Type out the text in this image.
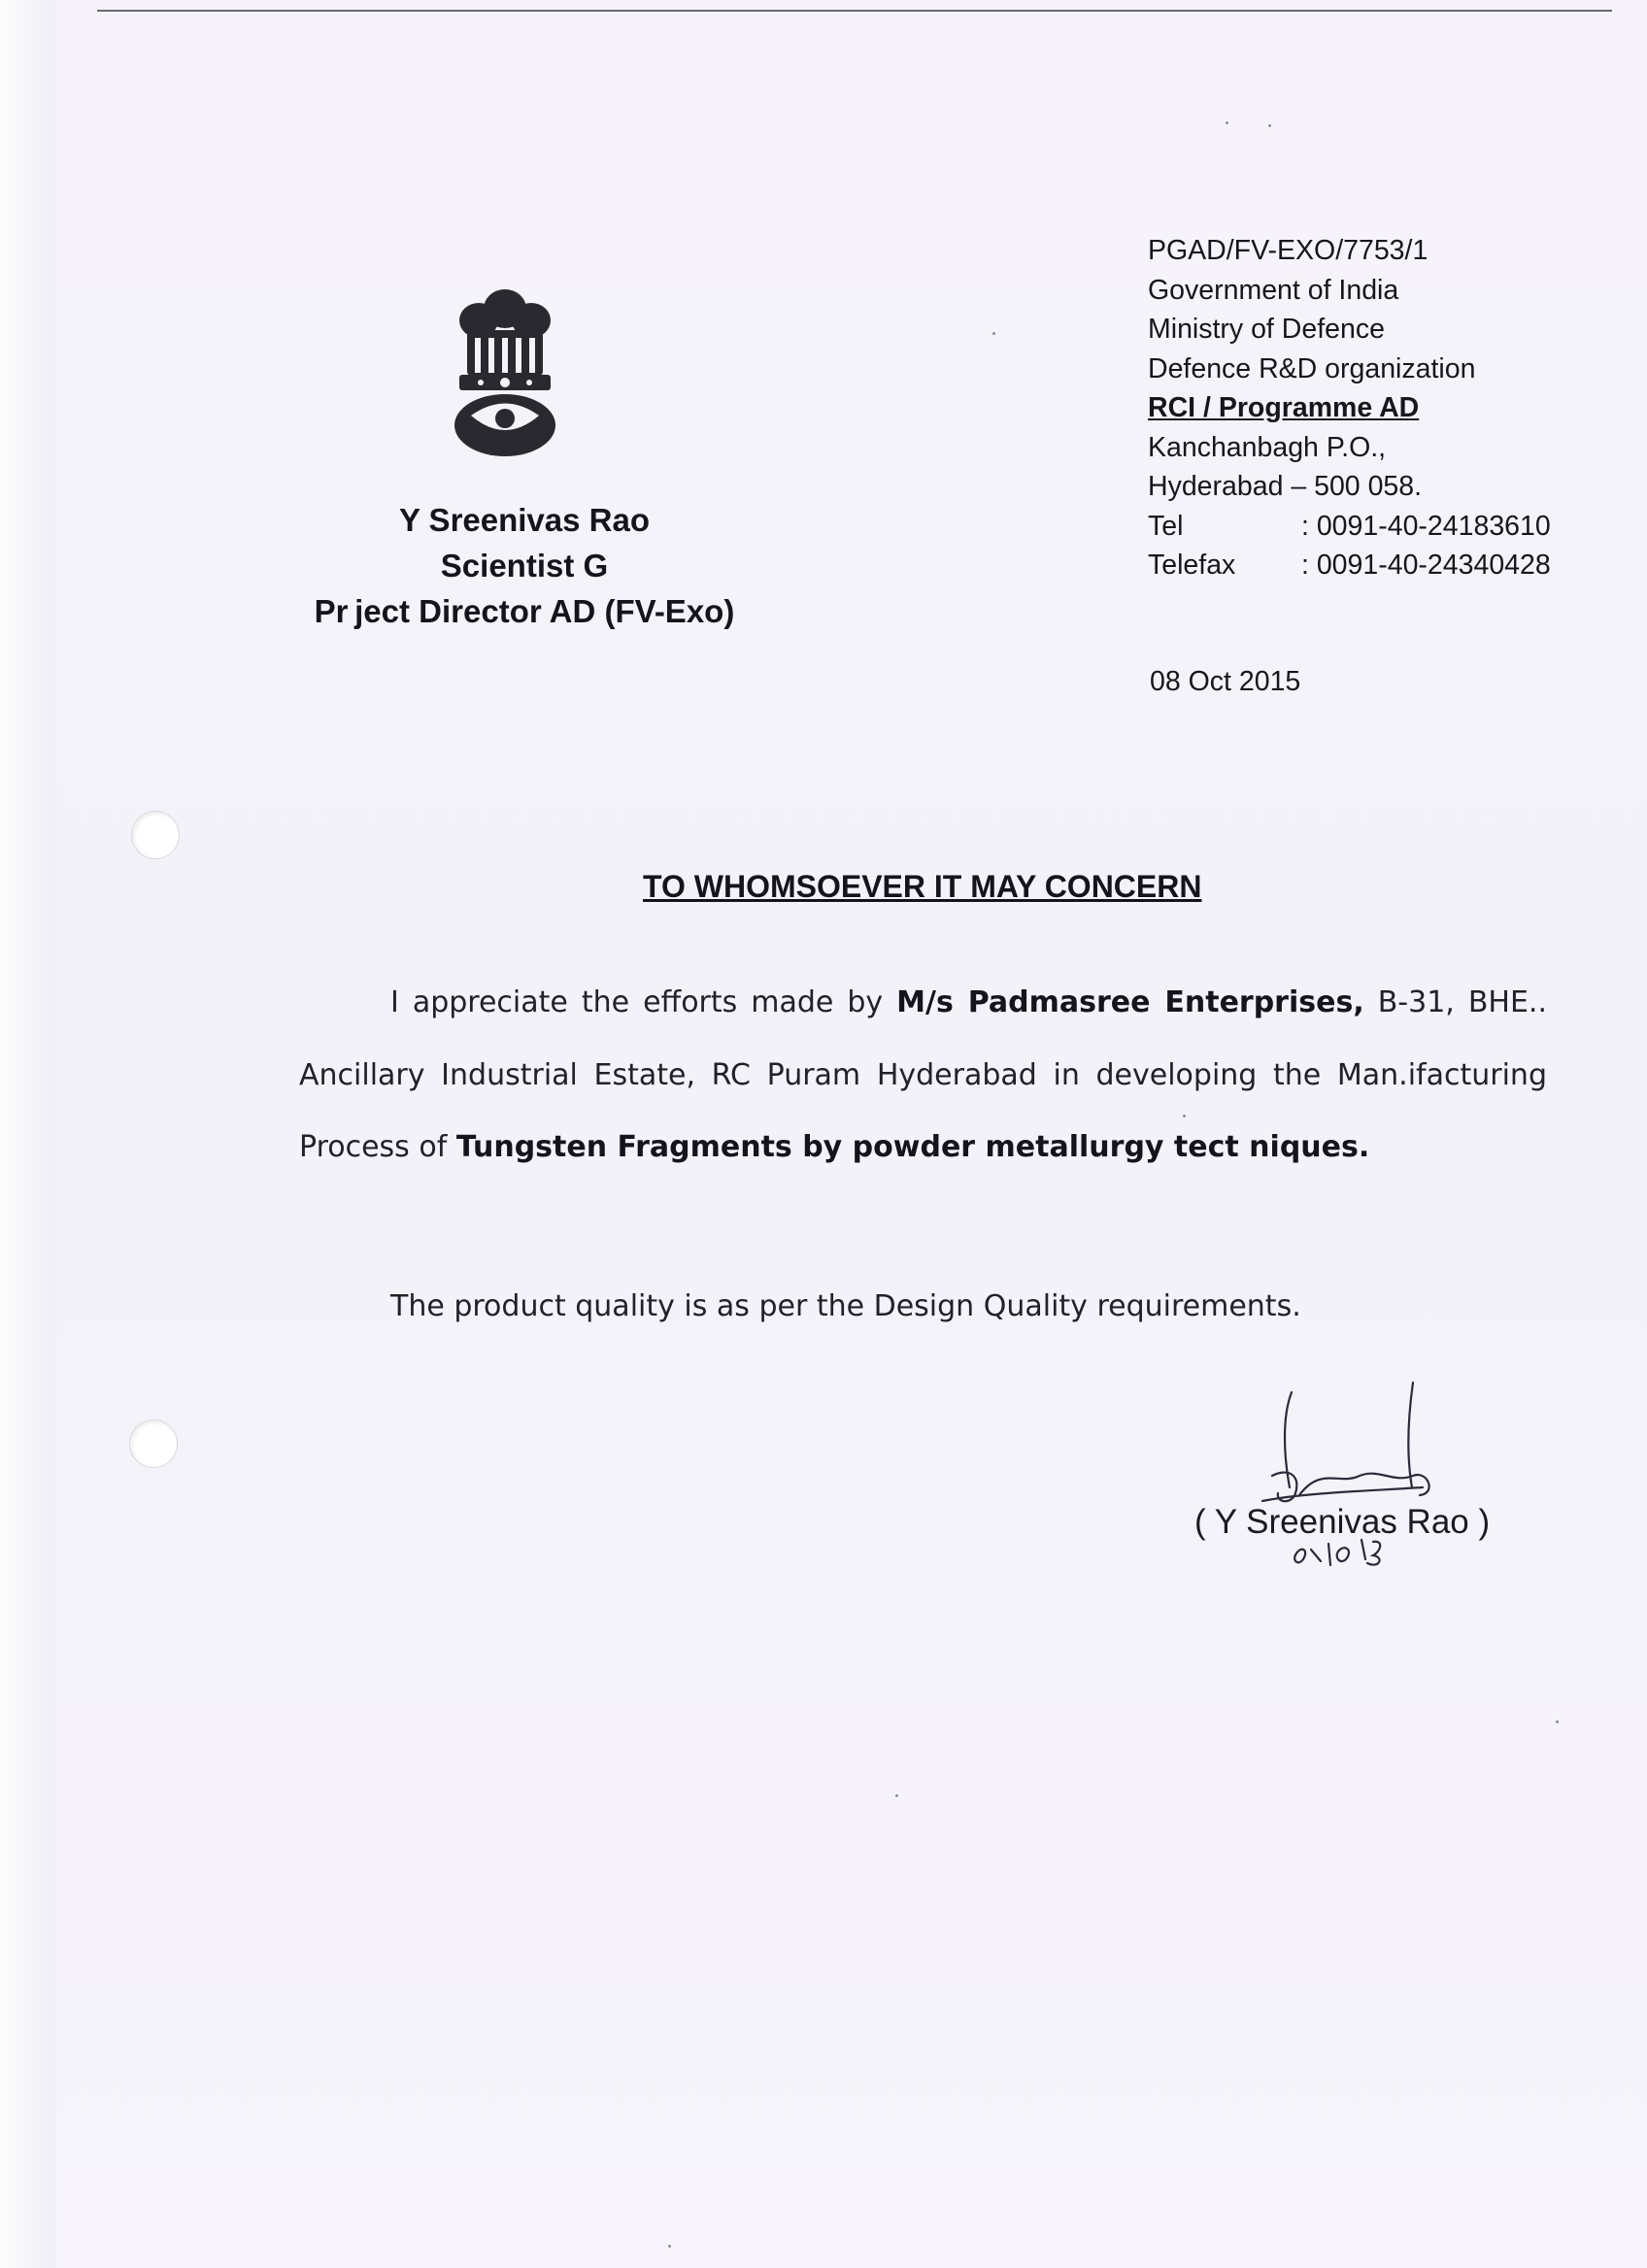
Y Sreenivas Rao
Scientist G
Pr ject Director AD (FV-Exo)
PGAD/FV-EXO/7753/1
Government of India
Ministry of Defence
Defence R&D organization
RCI / Programme AD
Kanchanbagh P.O.,
Hyderabad – 500 058.
Tel	: 0091-40-24183610
Telefax	: 0091-40-24340428
08 Oct 2015
TO WHOMSOEVER IT MAY CONCERN

I appreciate the efforts made by M/s Padmasree Enterprises, B-31, BHE.. Ancillary Industrial Estate, RC Puram Hyderabad in developing the Man.ifacturing Process of Tungsten Fragments by powder metallurgy tect niques.

The product quality is as per the Design Quality requirements.
( Y Sreenivas Rao )
